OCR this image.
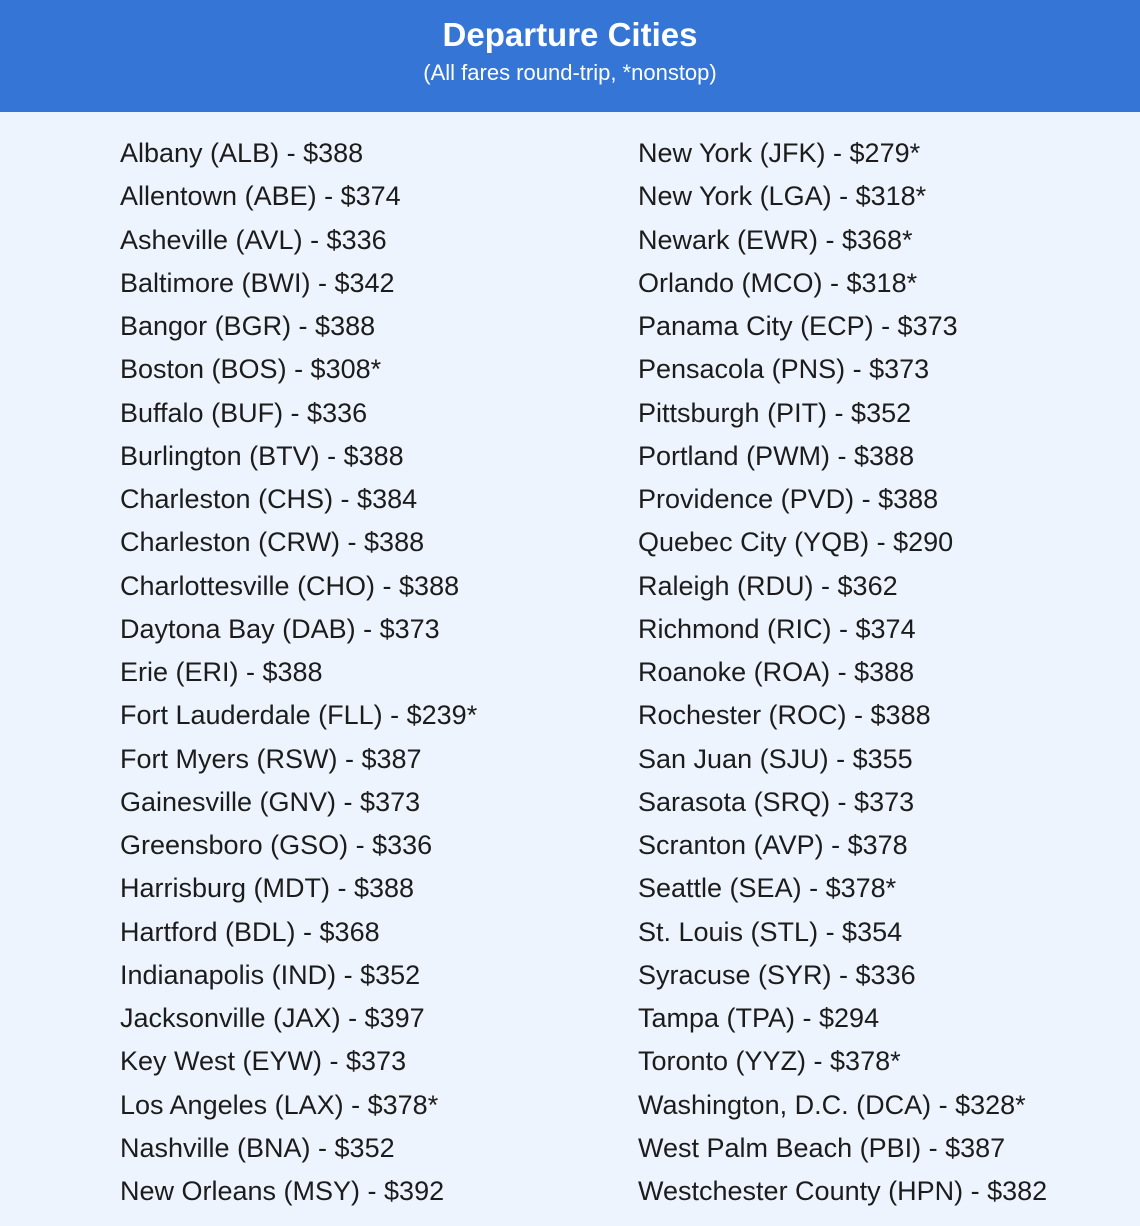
Departure Cities
(All fares round-trip, *nonstop)
Albany (ALB) - $388
Allentown (ABE) - $374
Asheville (AVL) - $336
Baltimore (BWI) - $342
Bangor (BGR) - $388
Boston (BOS) - $308*
Buffalo (BUF) - $336
Burlington (BTV) - $388
Charleston (CHS) - $384
Charleston (CRW) - $388
Charlottesville (CHO) - $388
Daytona Bay (DAB) - $373
Erie (ERI) - $388
Fort Lauderdale (FLL) - $239*
Fort Myers (RSW) - $387
Gainesville (GNV) - $373
Greensboro (GSO) - $336
Harrisburg (MDT) - $388
Hartford (BDL) - $368
Indianapolis (IND) - $352
Jacksonville (JAX) - $397
Key West (EYW) - $373
Los Angeles (LAX) - $378*
Nashville (BNA) - $352
New Orleans (MSY) - $392
New York (JFK) - $279*
New York (LGA) - $318*
Newark (EWR) - $368*
Orlando (MCO) - $318*
Panama City (ECP) - $373
Pensacola (PNS) - $373
Pittsburgh (PIT) - $352
Portland (PWM) - $388
Providence (PVD) - $388
Quebec City (YQB) - $290
Raleigh (RDU) - $362
Richmond (RIC) - $374
Roanoke (ROA) - $388
Rochester (ROC) - $388
San Juan (SJU) - $355
Sarasota (SRQ) - $373
Scranton (AVP) - $378
Seattle (SEA) - $378*
St. Louis (STL) - $354
Syracuse (SYR) - $336
Tampa (TPA) - $294
Toronto (YYZ) - $378*
Washington, D.C. (DCA) - $328*
West Palm Beach (PBI) - $387
Westchester County (HPN) - $382
